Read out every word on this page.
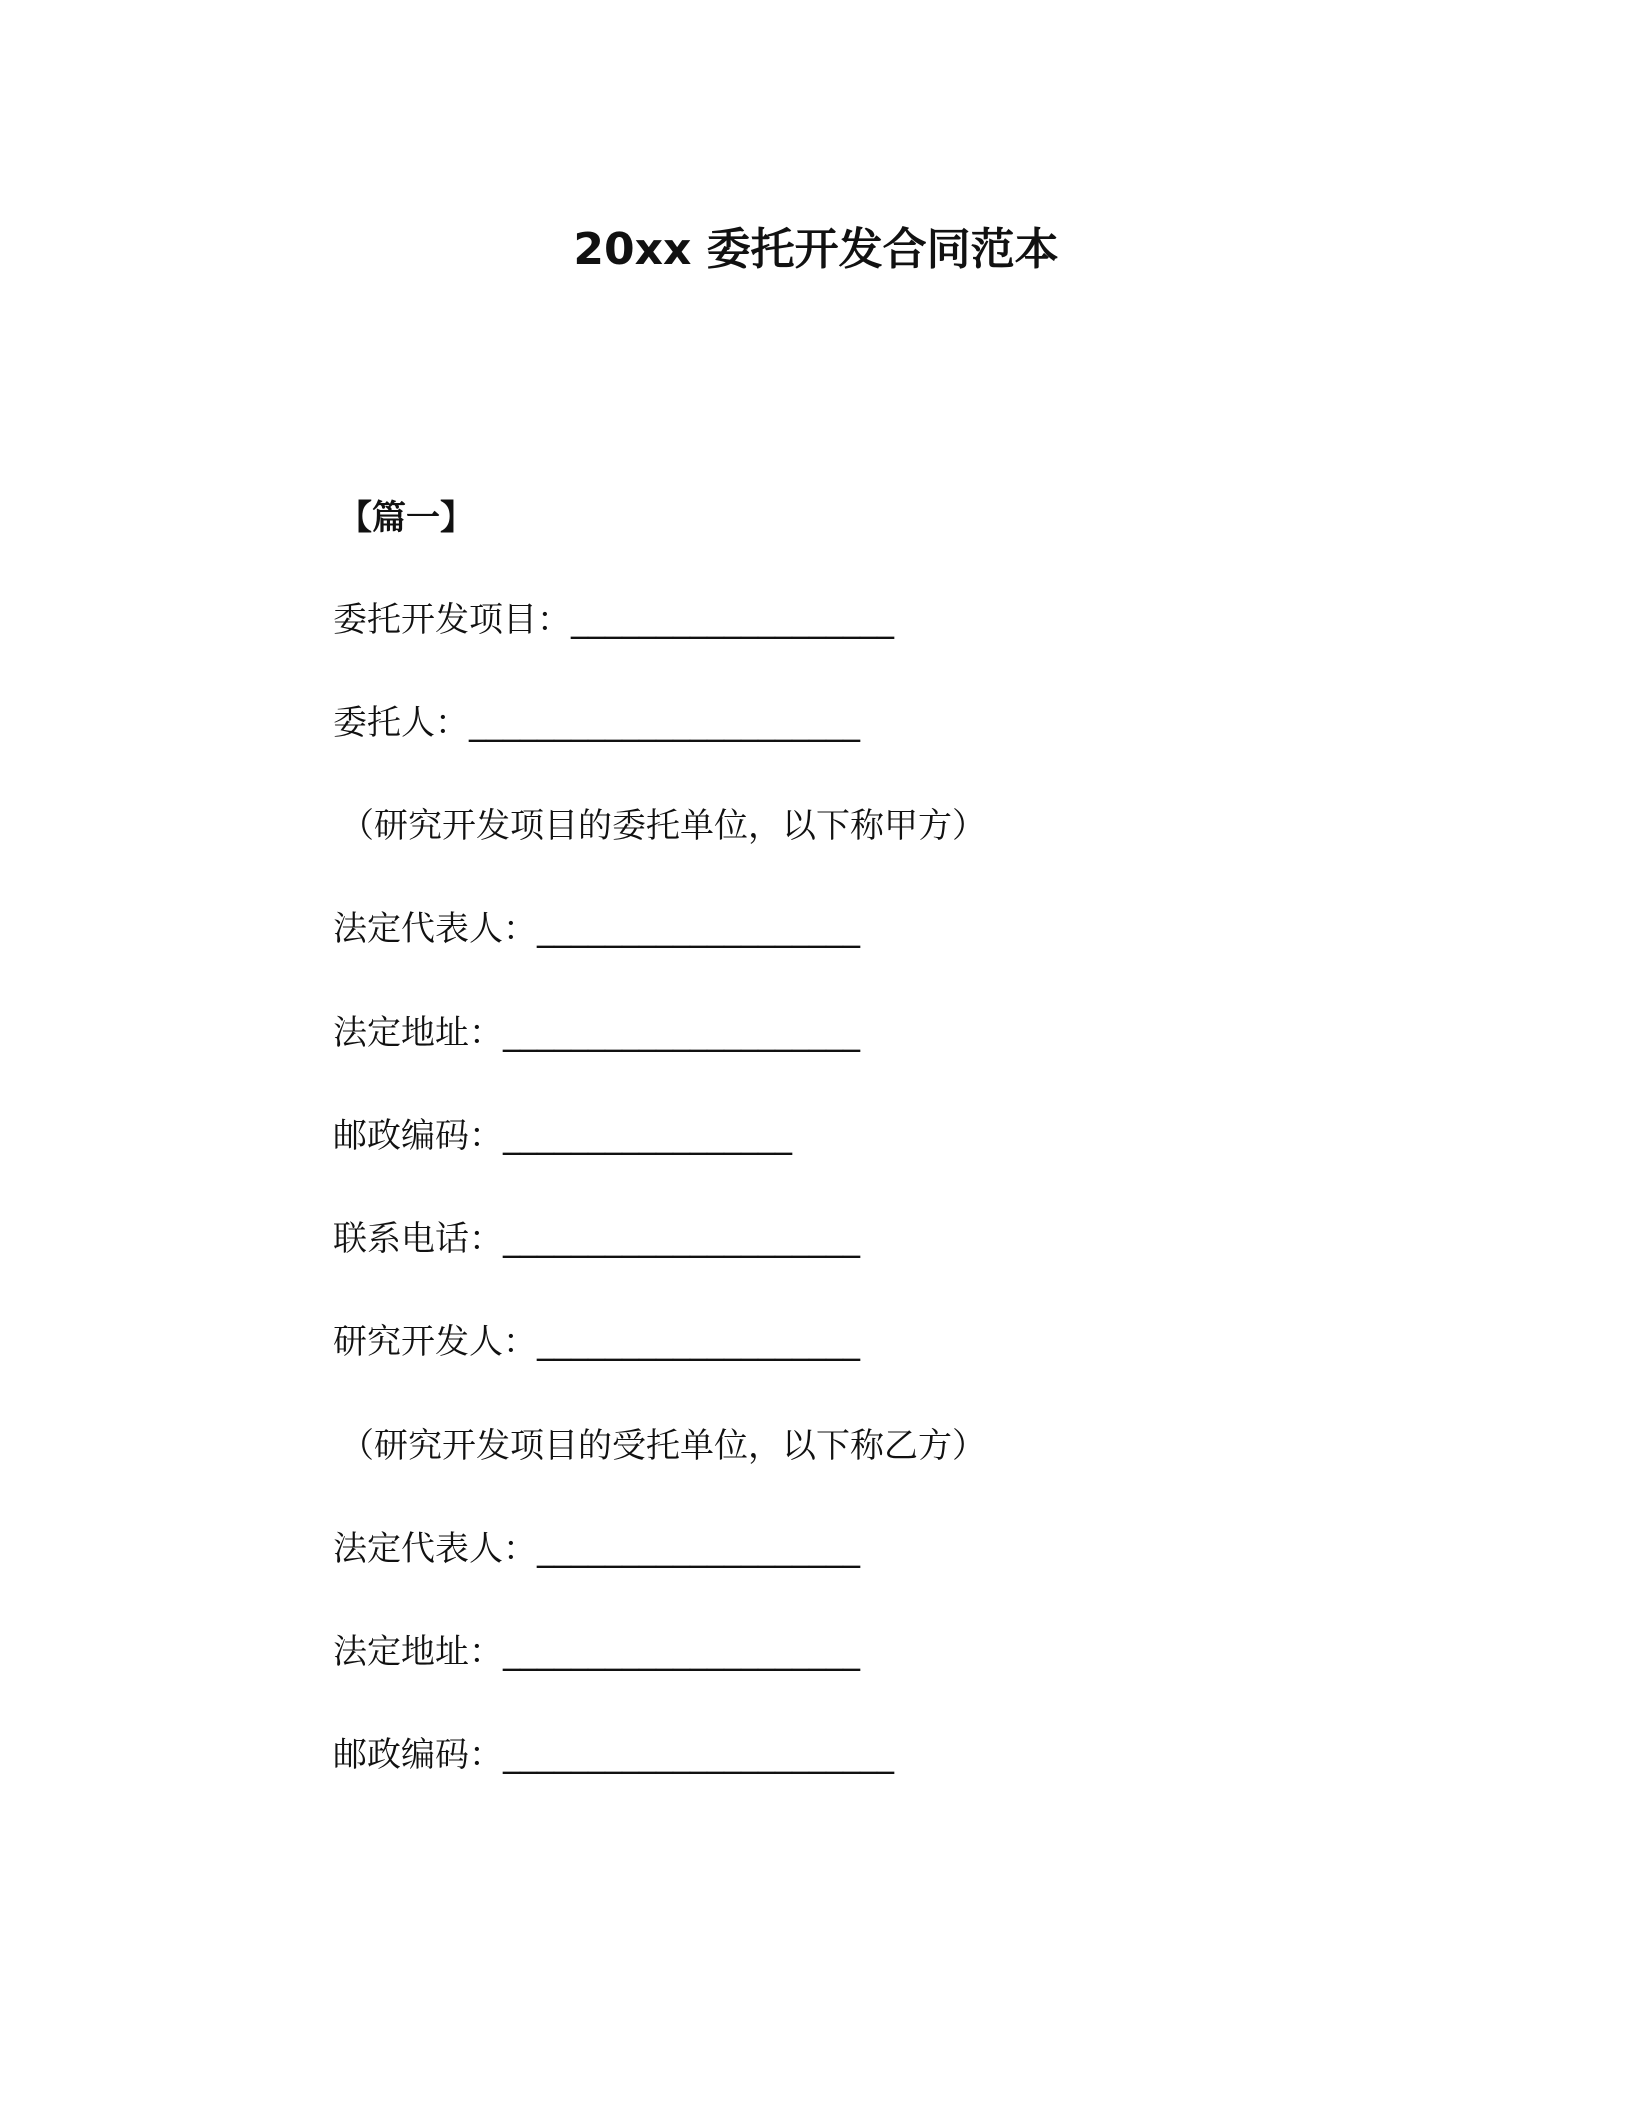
20xx 委托开发合同范本
【篇一】
委托开发项目：___________________
委托人：_______________________
（研究开发项目的委托单位，以下称甲方）
法定代表人：___________________
法定地址：_____________________
邮政编码：_________________
联系电话：_____________________
研究开发人：___________________
（研究开发项目的受托单位，以下称乙方）
法定代表人：___________________
法定地址：_____________________
邮政编码：_______________________
